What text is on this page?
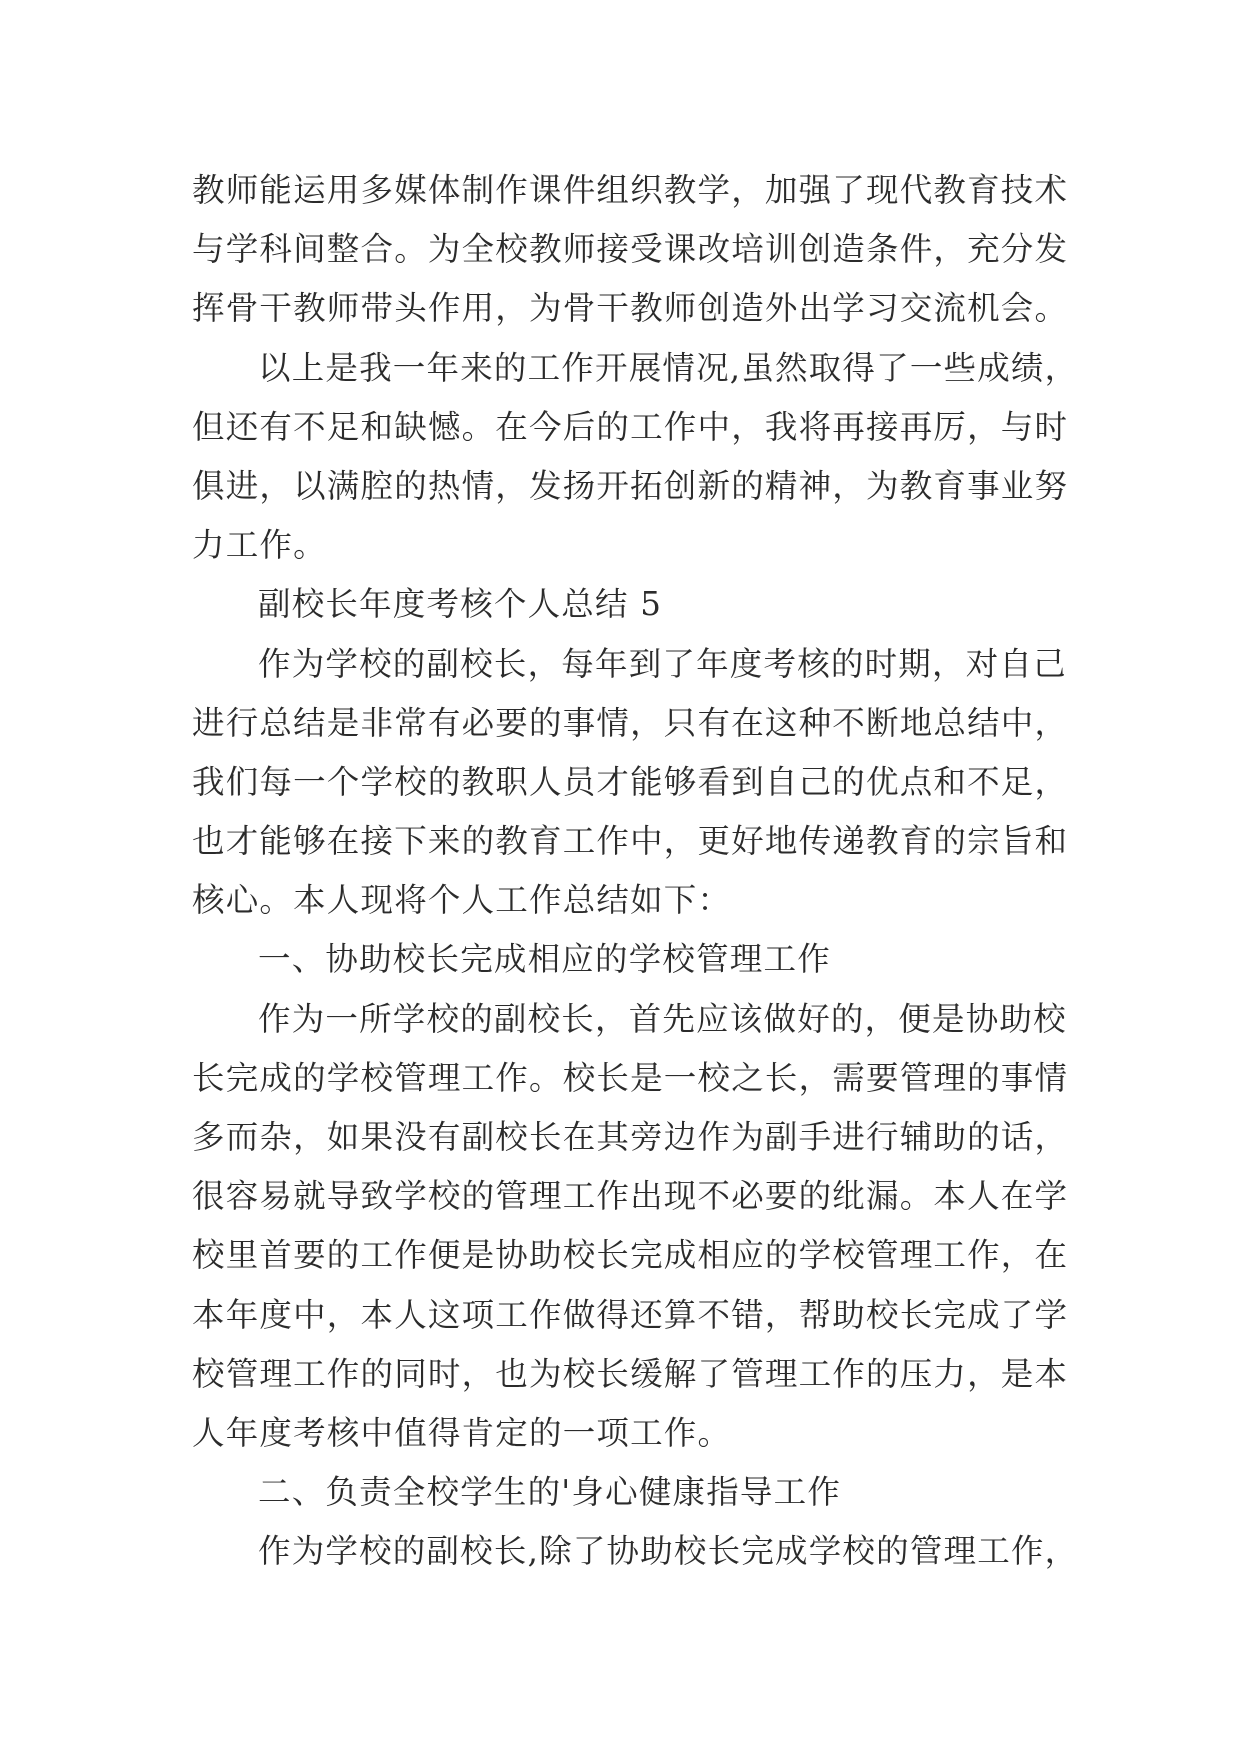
教师能运用多媒体制作课件组织教学，加强了现代教育技术
与学科间整合。为全校教师接受课改培训创造条件，充分发
挥骨干教师带头作用，为骨干教师创造外出学习交流机会。
以上是我一年来的工作开展情况,虽然取得了一些成绩，
但还有不足和缺憾。在今后的工作中，我将再接再厉，与时
俱进，以满腔的热情，发扬开拓创新的精神，为教育事业努
力工作。
副校长年度考核个人总结 5
作为学校的副校长，每年到了年度考核的时期，对自己
进行总结是非常有必要的事情，只有在这种不断地总结中，
我们每一个学校的教职人员才能够看到自己的优点和不足，
也才能够在接下来的教育工作中，更好地传递教育的宗旨和
核心。本人现将个人工作总结如下：
一、协助校长完成相应的学校管理工作
作为一所学校的副校长，首先应该做好的，便是协助校
长完成的学校管理工作。校长是一校之长，需要管理的事情
多而杂，如果没有副校长在其旁边作为副手进行辅助的话，
很容易就导致学校的管理工作出现不必要的纰漏。本人在学
校里首要的工作便是协助校长完成相应的学校管理工作，在
本年度中，本人这项工作做得还算不错，帮助校长完成了学
校管理工作的同时，也为校长缓解了管理工作的压力，是本
人年度考核中值得肯定的一项工作。
二、负责全校学生的'身心健康指导工作
作为学校的副校长,除了协助校长完成学校的管理工作，
